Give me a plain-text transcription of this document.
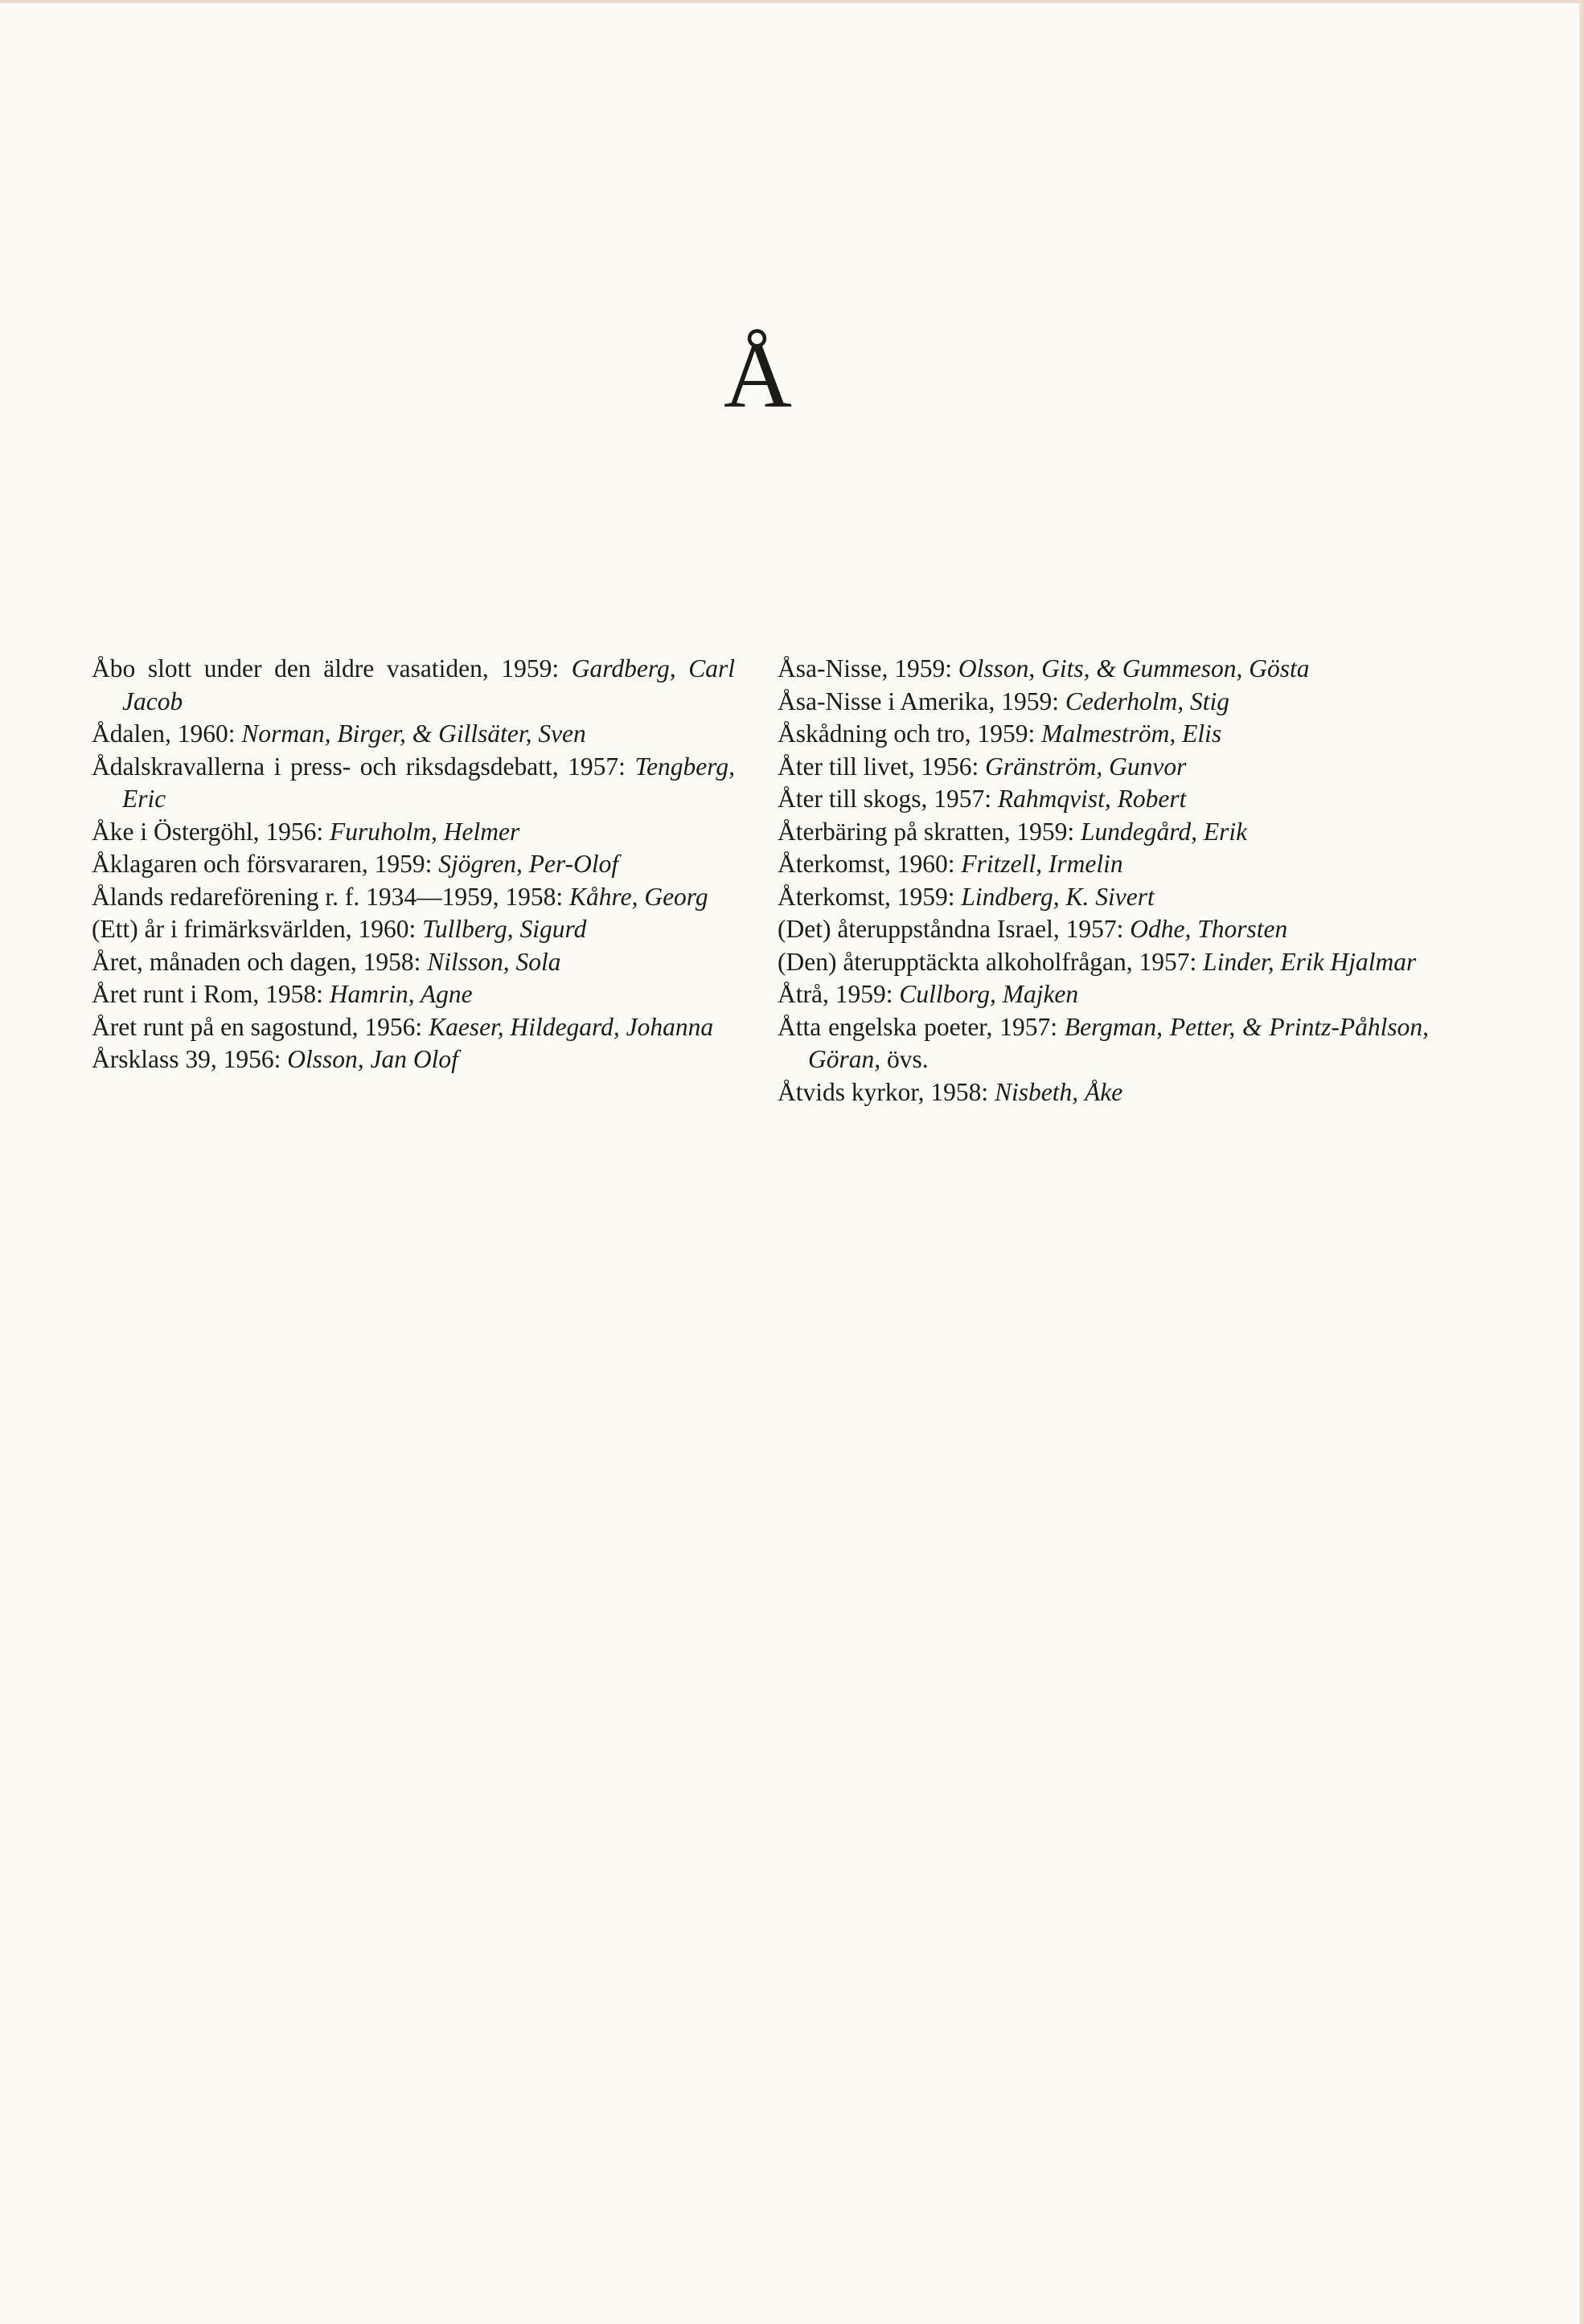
Å
Åbo slott under den äldre vasatiden, 1959: Gardberg, Carl Jacob
Ådalen, 1960: Norman, Birger, & Gillsäter, Sven
Ådalskravallerna i press- och riksdagsdebatt, 1957: Tengberg, Eric
Åke i Östergöhl, 1956: Furuholm, Helmer
Åklagaren och försvararen, 1959: Sjögren, Per-Olof
Ålands redareförening r. f. 1934—1959, 1958: Kåhre, Georg
(Ett) år i frimärksvärlden, 1960: Tullberg, Sigurd
Året, månaden och dagen, 1958: Nilsson, Sola
Året runt i Rom, 1958: Hamrin, Agne
Året runt på en sagostund, 1956: Kaeser, Hildegard, Johanna
Årsklass 39, 1956: Olsson, Jan Olof
Åsa-Nisse, 1959: Olsson, Gits, & Gummeson, Gösta
Åsa-Nisse i Amerika, 1959: Cederholm, Stig
Åskådning och tro, 1959: Malmeström, Elis
Åter till livet, 1956: Gränström, Gunvor
Åter till skogs, 1957: Rahmqvist, Robert
Återbäring på skratten, 1959: Lundegård, Erik
Återkomst, 1960: Fritzell, Irmelin
Återkomst, 1959: Lindberg, K. Sivert
(Det) återuppståndna Israel, 1957: Odhe, Thorsten
(Den) återupptäckta alkoholfrågan, 1957: Linder, Erik Hjalmar
Åtrå, 1959: Cullborg, Majken
Åtta engelska poeter, 1957: Bergman, Petter, & Printz-Påhlson, Göran, övs.
Åtvids kyrkor, 1958: Nisbeth, Åke
